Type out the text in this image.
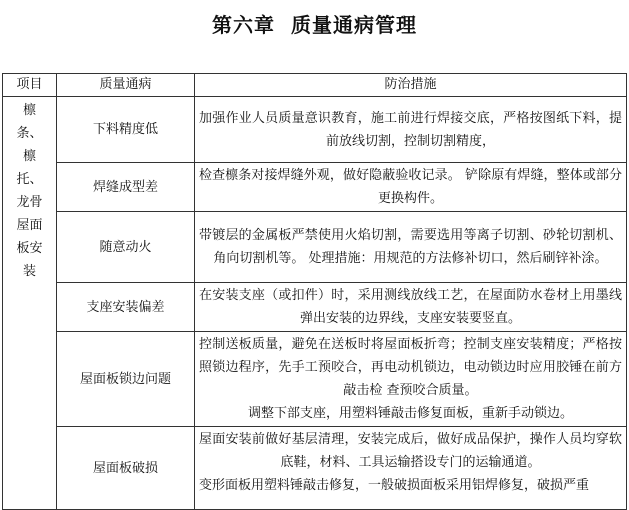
第六章  质量通病管理
项目	质量通病	防治措施

檩条、檩托、龙骨屋面板安装	下料精度低	加强作业人员质量意识教育，施工前进行焊接交底，严格按图纸下料，提前放线切割，控制切割精度，

	焊缝成型差	检查檩条对接焊缝外观，做好隐蔽验收记录。 铲除原有焊缝，整体或部分更换构件。

	随意动火	带镀层的金属板严禁使用火焰切割，需要选用等离子切割、砂轮切割机、角向切割机等。 处理措施：用规范的方法修补切口，然后刷锌补涂。

	支座安装偏差	在安装支座（或扣件）时，采用测线放线工艺，在屋面防水卷材上用墨线弹出安装的边界线，支座安装要竖直。

	屋面板锁边问题	控制送板质量，避免在送板时将屋面板折弯；控制支座安装精度；严格按照锁边程序，先手工预咬合，再电动机锁边，电动锁边时应用胶锤在前方敲击检 查预咬合质量。
调整下部支座，用塑料锤敲击修复面板，重新手动锁边。

	屋面板破损	屋面安装前做好基层清理，安装完成后，做好成品保护，操作人员均穿软底鞋，材料、工具运输搭设专门的运输通道。
变形面板用塑料锤敲击修复，一般破损面板采用铝焊修复，破损严重
